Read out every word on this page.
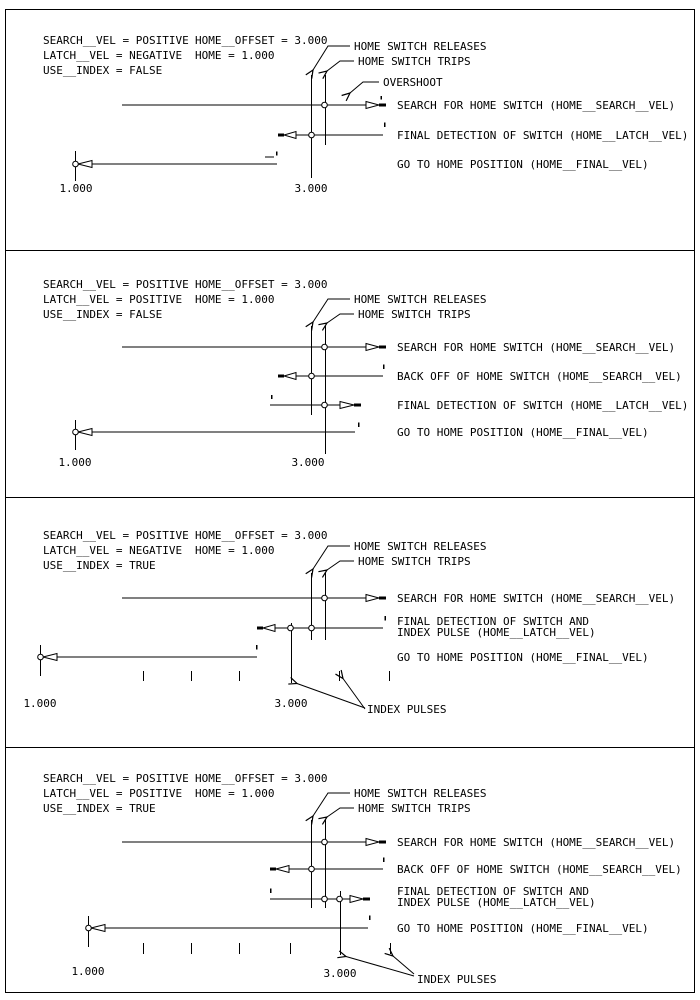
SEARCH__VEL = POSITIVE
LATCH__VEL = NEGATIVE
USE__INDEX = FALSE
HOME__OFFSET = 3.000
HOME = 1.000
HOME SWITCH RELEASES
HOME SWITCH TRIPS
OVERSHOOT
SEARCH FOR HOME SWITCH (HOME__SEARCH__VEL)
FINAL DETECTION OF SWITCH (HOME__LATCH__VEL)
GO TO HOME POSITION (HOME__FINAL__VEL)
1.000	3.000
SEARCH__VEL = POSITIVE
LATCH__VEL = POSITIVE
USE__INDEX = FALSE
HOME__OFFSET = 3.000
HOME = 1.000	HOME SWITCH RELEASES
HOME SWITCH TRIPS
SEARCH FOR HOME SWITCH (HOME__SEARCH__VEL)
BACK OFF OF HOME SWITCH (HOME__SEARCH__VEL)
FINAL DETECTION OF SWITCH (HOME__LATCH__VEL)
GO TO HOME POSITION (HOME__FINAL__VEL)
1.000	3.000
SEARCH__VEL = POSITIVE
LATCH__VEL = NEGATIVE
USE__INDEX = TRUE
HOME__OFFSET = 3.000
HOME = 1.000	HOME SWITCH RELEASES
HOME SWITCH TRIPS
SEARCH FOR HOME SWITCH (HOME__SEARCH__VEL)
FINAL DETECTION OF SWITCH AND
INDEX PULSE (HOME__LATCH__VEL)
GO TO HOME POSITION (HOME__FINAL__VEL)
INDEX PULSES
1.000	3.000
SEARCH__VEL = POSITIVE
LATCH__VEL = POSITIVE
USE__INDEX = TRUE
HOME__OFFSET = 3.000
HOME = 1.000	HOME SWITCH RELEASES
HOME SWITCH TRIPS
SEARCH FOR HOME SWITCH (HOME__SEARCH__VEL)
BACK OFF OF HOME SWITCH (HOME__SEARCH__VEL)
FINAL DETECTION OF SWITCH AND
INDEX PULSE (HOME__LATCH__VEL)
GO TO HOME POSITION (HOME__FINAL__VEL)
INDEX PULSES
1.000	3.000
